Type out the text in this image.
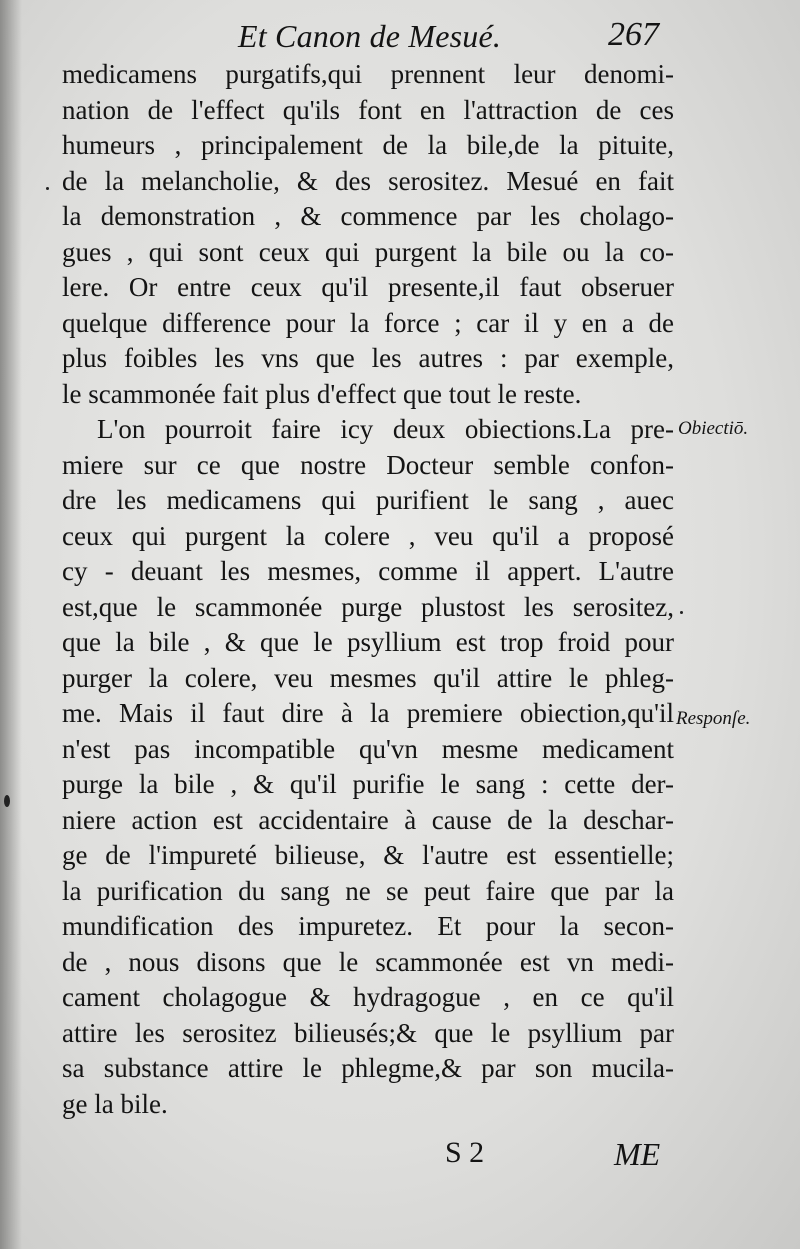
Et Canon de Mesué.	267
medicamens purgatifs,qui prennent leur denomi-
nation de l'effect qu'ils font en l'attraction de ces
humeurs , principalement de la bile,de la pituite,
de la melancholie, & des serositez. Mesué en fait
la demonstration , & commence par les cholago-
gues , qui sont ceux qui purgent la bile ou la co-
lere. Or entre ceux qu'il presente,il faut obseruer
quelque difference pour la force ; car il y en a de
plus foibles les vns que les autres : par exemple,
le scammonée fait plus d'effect que tout le reste.
L'on pourroit faire icy deux obiections.La pre-
miere sur ce que nostre Docteur semble confon-
dre les medicamens qui purifient le sang , auec
ceux qui purgent la colere , veu qu'il a proposé
cy - deuant les mesmes, comme il appert. L'autre
est,que le scammonée purge plustost les serositez,
que la bile , & que le psyllium est trop froid pour
purger la colere, veu mesmes qu'il attire le phleg-
me. Mais il faut dire à la premiere obiection,qu'il
n'est pas incompatible qu'vn mesme medicament
purge la bile , & qu'il purifie le sang : cette der-
niere action est accidentaire à cause de la deschar-
ge de l'impureté bilieuse, & l'autre est essentielle;
la purification du sang ne se peut faire que par la
mundification des impuretez. Et pour la secon-
de , nous disons que le scammonée est vn medi-
cament cholagogue & hydragogue , en ce qu'il
attire les serositez bilieusés;& que le psyllium par
sa substance attire le phlegme,& par son mucila-
ge la bile.
Obiectiō.
Responſe.
S 2	ME
